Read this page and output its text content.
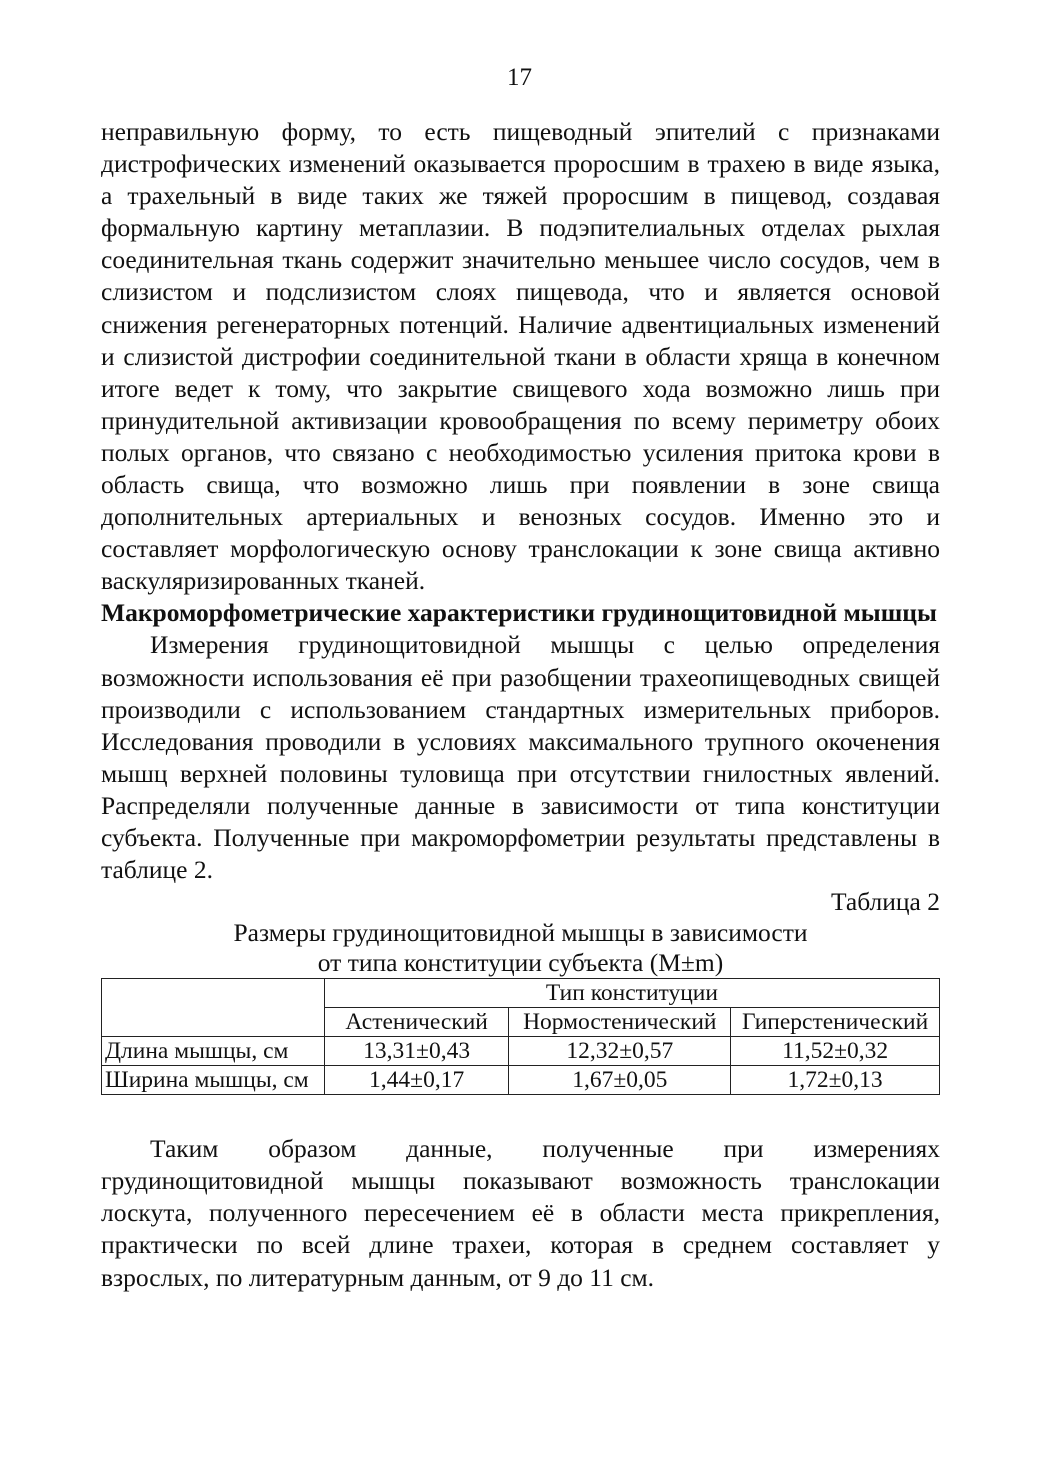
17

неправильную форму, то есть пищеводный эпителий с признаками дистрофических изменений оказывается проросшим в трахею в виде языка, а трахельный в виде таких же тяжей проросшим в пищевод, создавая формальную картину метаплазии. В подэпителиальных отделах рыхлая соединительная ткань содержит значительно меньшее число сосудов, чем в слизистом и подслизистом слоях пищевода, что и является основой снижения регенераторных потенций. Наличие адвентициальных изменений и слизистой дистрофии соединительной ткани в области хряща в конечном итоге ведет к тому, что закрытие свищевого хода возможно лишь при принудительной активизации кровообращения по всему периметру обоих полых органов, что связано с необходимостью усиления притока крови в область свища, что возможно лишь при появлении в зоне свища дополнительных артериальных и венозных сосудов. Именно это и составляет морфологическую основу транслокации к зоне свища активно васкуляризированных тканей.

Макроморфометрические характеристики грудинощитовидной мышцы

Измерения грудинощитовидной мышцы с целью определения возможности использования её при разобщении трахеопищеводных свищей производили с использованием стандартных измерительных приборов. Исследования проводили в условиях максимального трупного окоченения мышц верхней половины туловища при отсутствии гнилостных явлений. Распределяли полученные данные в зависимости от типа конституции субъекта. Полученные при макроморфометрии результаты представлены в таблице 2.

Таблица 2

Размеры грудинощитовидной мышцы в зависимости

от типа конституции субъекта (M±m)

	Тип конституции		
	Астенический	Нормостенический	Гиперстенический
Длина мышцы, см	13,31±0,43	12,32±0,57	11,52±0,32
Ширина мышцы, см	1,44±0,17	1,67±0,05	1,72±0,13

Таким образом данные, полученные при измерениях грудинощитовидной мышцы показывают возможность транслокации лоскута, полученного пересечением её в области места прикрепления, практически по всей длине трахеи, которая в среднем составляет у взрослых, по литературным данным, от 9 до 11 см.
